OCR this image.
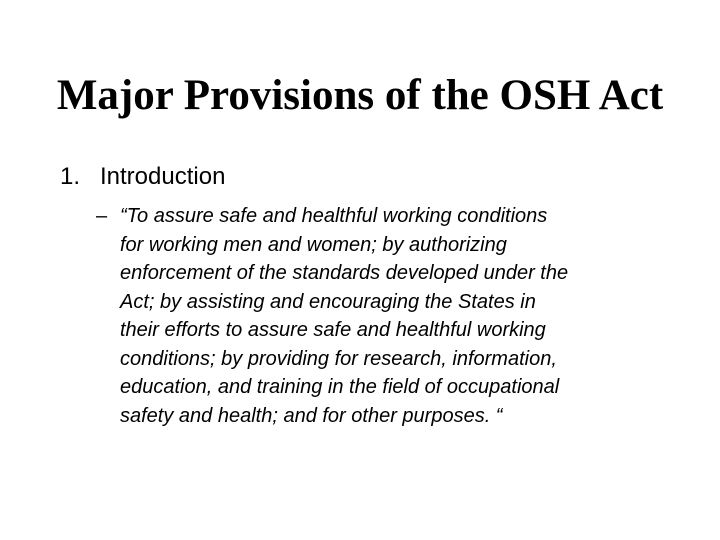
Major Provisions of the OSH Act
1. Introduction
– “To assure safe and healthful working conditions
for working men and women; by authorizing
enforcement of the standards developed under the
Act; by assisting and encouraging the States in
their efforts to assure safe and healthful working
conditions; by providing for research, information,
education, and training in the field of occupational
safety and health; and for other purposes. “
